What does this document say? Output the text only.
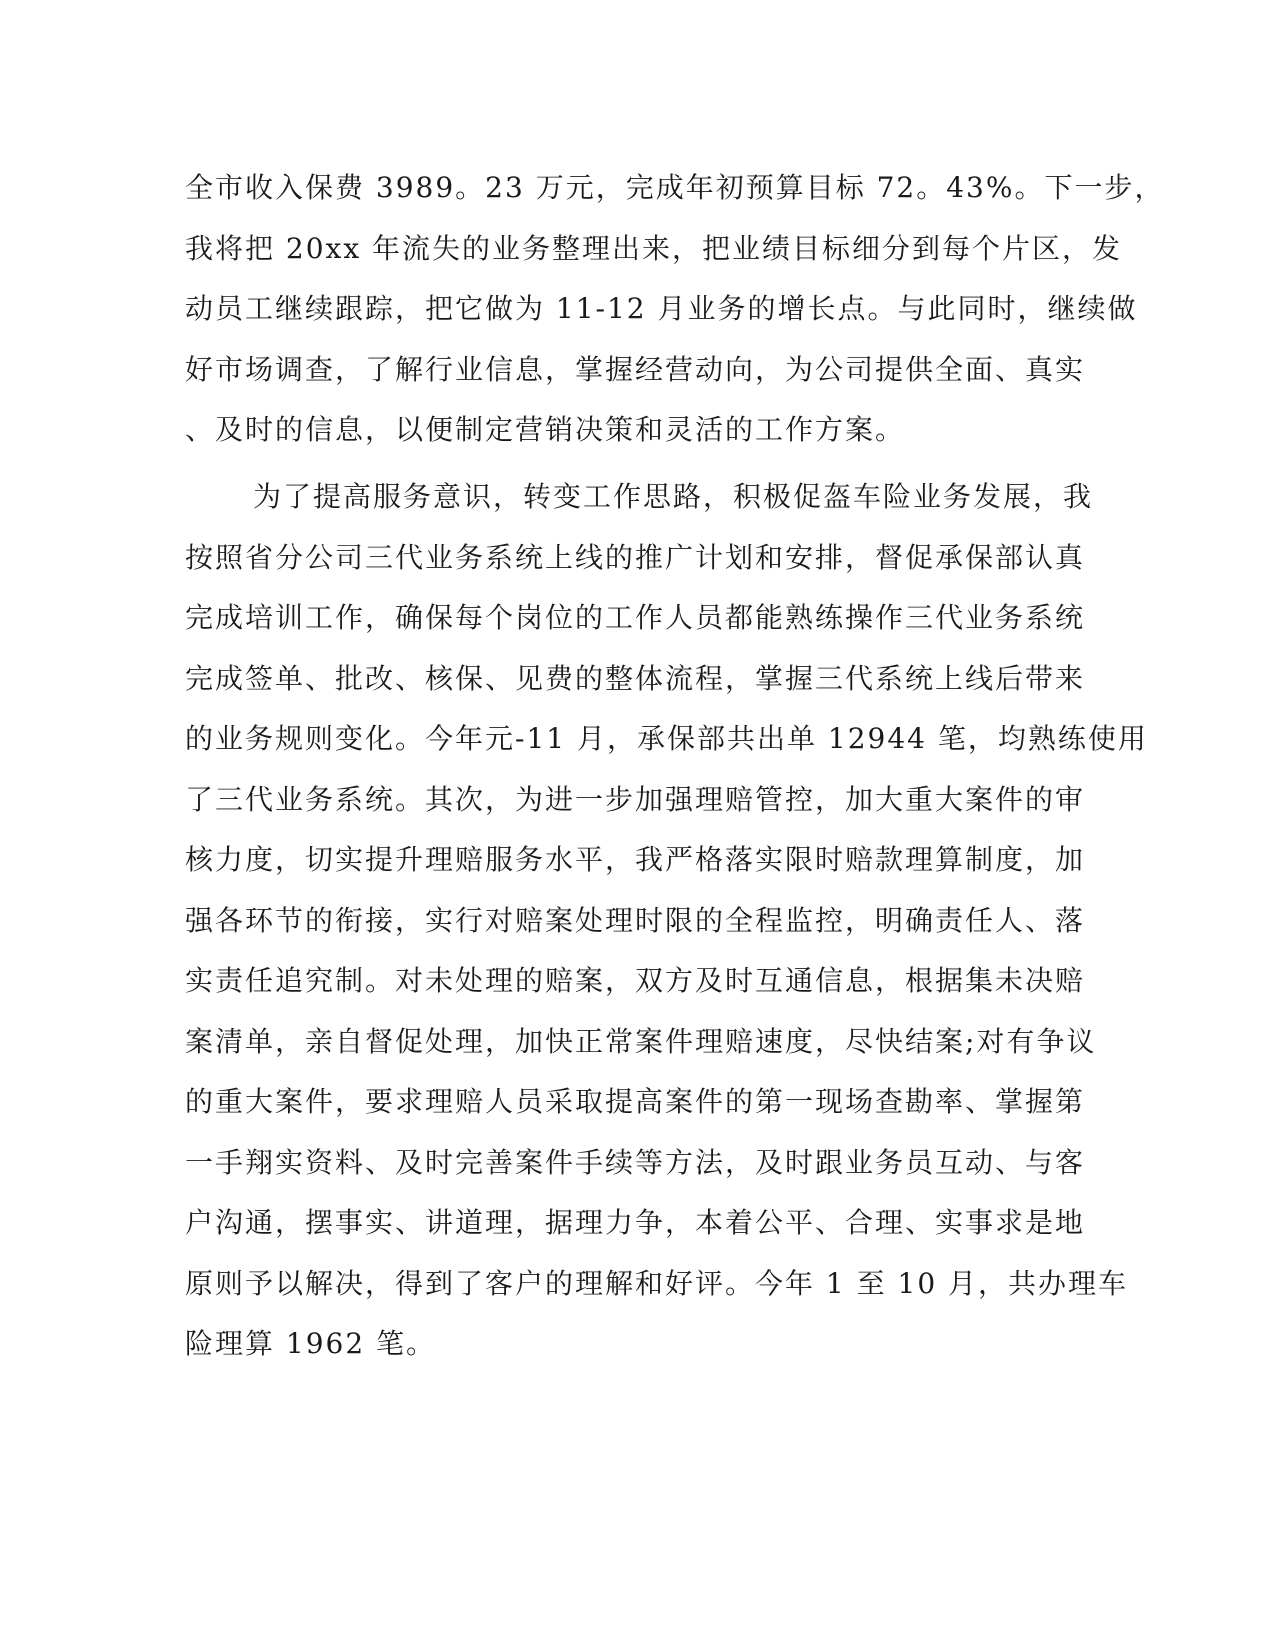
全市收入保费 3989。23 万元，完成年初预算目标 72。43%。下一步，
我将把 20xx 年流失的业务整理出来，把业绩目标细分到每个片区，发
动员工继续跟踪，把它做为 11-12 月业务的增长点。与此同时，继续做
好市场调查，了解行业信息，掌握经营动向，为公司提供全面、真实
、及时的信息，以便制定营销决策和灵活的工作方案。
为了提高服务意识，转变工作思路，积极促盔车险业务发展，我
按照省分公司三代业务系统上线的推广计划和安排，督促承保部认真
完成培训工作，确保每个岗位的工作人员都能熟练操作三代业务系统
完成签单、批改、核保、见费的整体流程，掌握三代系统上线后带来
的业务规则变化。今年元-11 月，承保部共出单 12944 笔，均熟练使用
了三代业务系统。其次，为进一步加强理赔管控，加大重大案件的审
核力度，切实提升理赔服务水平，我严格落实限时赔款理算制度，加
强各环节的衔接，实行对赔案处理时限的全程监控，明确责任人、落
实责任追究制。对未处理的赔案，双方及时互通信息，根据集未决赔
案清单，亲自督促处理，加快正常案件理赔速度，尽快结案;对有争议
的重大案件，要求理赔人员采取提高案件的第一现场查勘率、掌握第
一手翔实资料、及时完善案件手续等方法，及时跟业务员互动、与客
户沟通，摆事实、讲道理，据理力争，本着公平、合理、实事求是地
原则予以解决，得到了客户的理解和好评。今年 1 至 10 月，共办理车
险理算 1962 笔。
